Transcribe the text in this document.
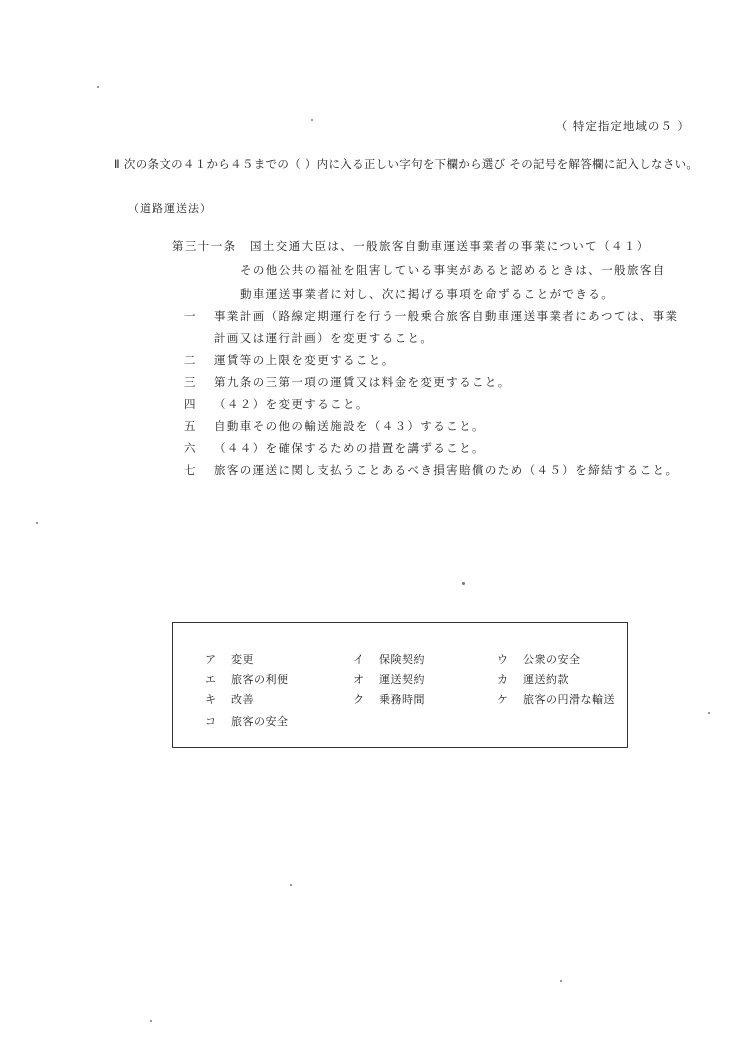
（ 特定指定地域の５ ）
Ⅱ 次の条文の４１から４５までの（ ）内に入る正しい字句を下欄から選び その記号を解答欄に記入しなさい。
（道路運送法）
第三十一条 国土交通大臣は、一般旅客自動車運送事業者の事業について（４１）
その他公共の福祉を阻害している事実があると認めるときは、一般旅客自
動車運送事業者に対し、次に掲げる事項を命ずることができる。
一 事業計画（路線定期運行を行う一般乗合旅客自動車運送事業者にあつては、事業
計画又は運行計画）を変更すること。
二 運賃等の上限を変更すること。
三 第九条の三第一項の運賃又は料金を変更すること。
四 （４２）を変更すること。
五 自動車その他の輸送施設を（４３）すること。
六 （４４）を確保するための措置を講ずること。
七 旅客の運送に関し支払うことあるべき損害賠償のため（４５）を締結すること。
ア 変更	イ 保険契約	ウ 公衆の安全
エ 旅客の利便	オ 運送契約	カ 運送約款
キ 改善	ク 乗務時間	ケ 旅客の円滑な輸送
コ 旅客の安全
